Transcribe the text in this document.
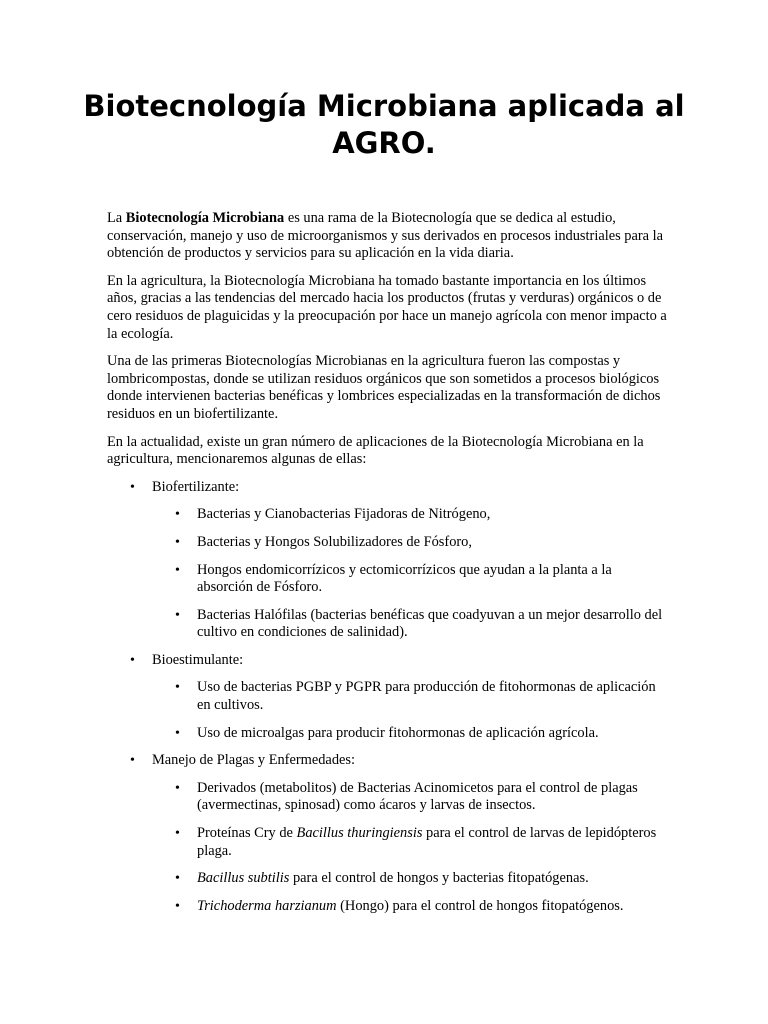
Biotecnología Microbiana aplicada al AGRO.

La Biotecnología Microbiana es una rama de la Biotecnología que se dedica al estudio, conservación, manejo y uso de microorganismos y sus derivados en procesos industriales para la obtención de productos y servicios para su aplicación en la vida diaria.

En la agricultura, la Biotecnología Microbiana ha tomado bastante importancia en los últimos años, gracias a las tendencias del mercado hacia los productos (frutas y verduras) orgánicos o de cero residuos de plaguicidas y la preocupación por hace un manejo agrícola con menor impacto a la ecología.

Una de las primeras Biotecnologías Microbianas en la agricultura fueron las compostas y lombricompostas, donde se utilizan residuos orgánicos que son sometidos a procesos biológicos donde intervienen bacterias benéficas y lombrices especializadas en la transformación de dichos residuos en un biofertilizante.

En la actualidad, existe un gran número de aplicaciones de la Biotecnología Microbiana en la agricultura, mencionaremos algunas de ellas:

• Biofertilizante:
• Bacterias y Cianobacterias Fijadoras de Nitrógeno,
• Bacterias y Hongos Solubilizadores de Fósforo,
• Hongos endomicorrízicos y ectomicorrízicos que ayudan a la planta a la absorción de Fósforo.
• Bacterias Halófilas (bacterias benéficas que coadyuvan a un mejor desarrollo del cultivo en condiciones de salinidad).
• Bioestimulante:
• Uso de bacterias PGBP y PGPR para producción de fitohormonas de aplicación en cultivos.
• Uso de microalgas para producir fitohormonas de aplicación agrícola.
• Manejo de Plagas y Enfermedades:
• Derivados (metabolitos) de Bacterias Acinomicetos para el control de plagas (avermectinas, spinosad) como ácaros y larvas de insectos.
• Proteínas Cry de Bacillus thuringiensis para el control de larvas de lepidópteros plaga.
• Bacillus subtilis para el control de hongos y bacterias fitopatógenas.
• Trichoderma harzianum (Hongo) para el control de hongos fitopatógenos.
